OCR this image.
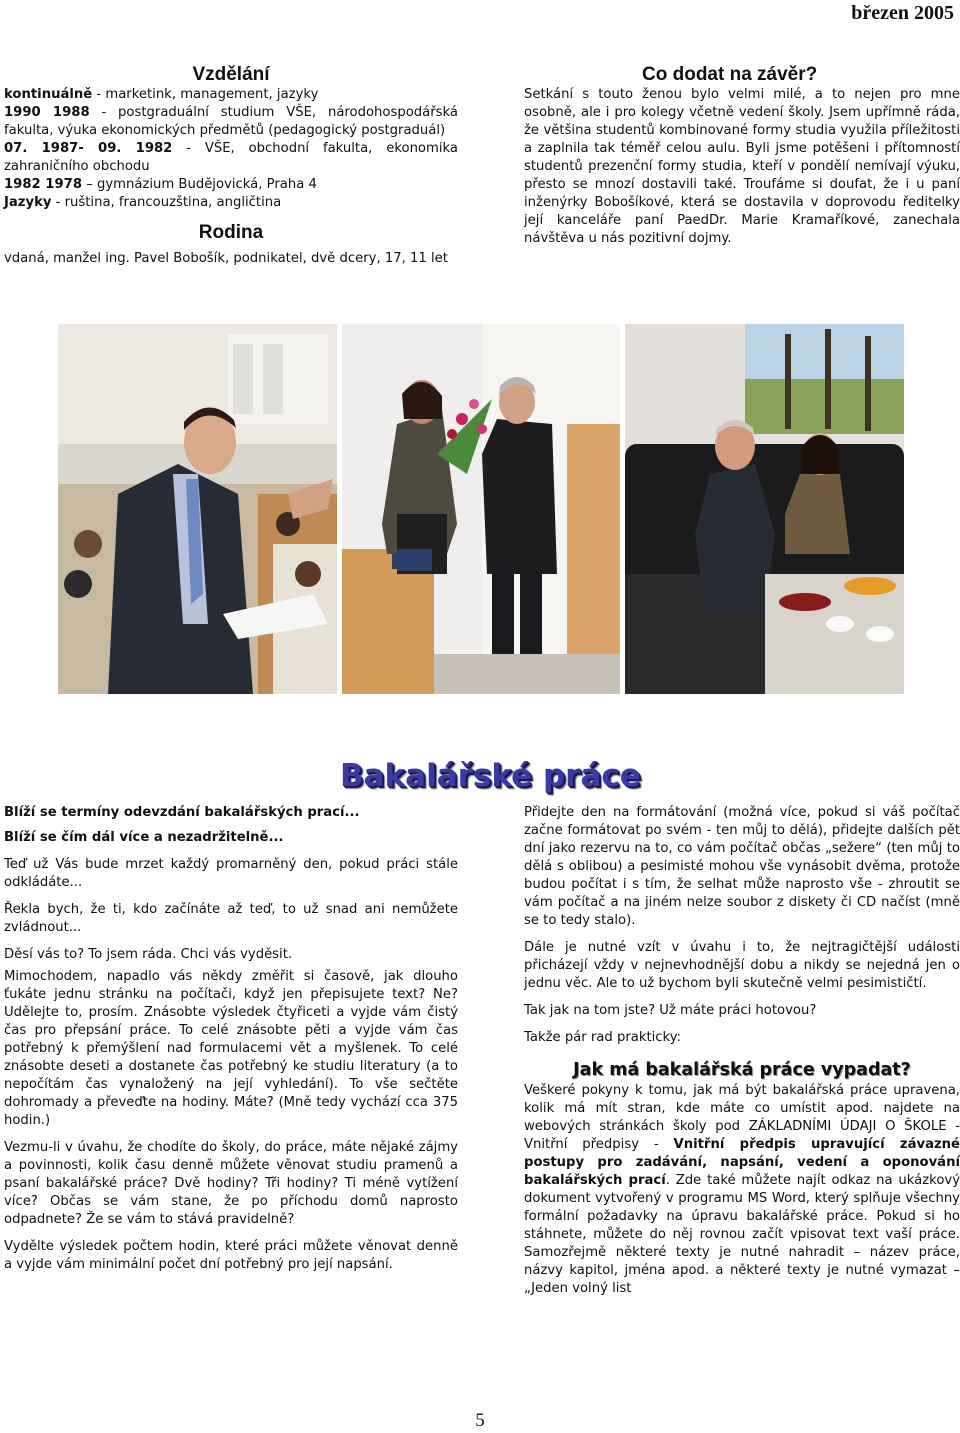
březen 2005
Vzdělání

kontinuálně - marketink, management, jazyky

1990 1988 - postgraduální studium VŠE, národohospodářská fakulta, výuka ekonomických předmětů (pedagogický postgraduál)

07. 1987- 09. 1982 - VŠE, obchodní fakulta, ekonomika zahraničního obchodu

1982 1978 – gymnázium Budějovická, Praha 4

Jazyky - ruština, francouzština, angličtina

Rodina

vdaná, manžel ing. Pavel Bobošík, podnikatel, dvě dcery, 17, 11 let

Co dodat na závěr?

Setkání s touto ženou bylo velmi milé, a to nejen pro mne osobně, ale i pro kolegy včetně vedení školy. Jsem upřímně ráda, že většina studentů kombinované formy studia využila příležitosti a zaplnila tak téměř celou aulu. Byli jsme potěšeni i přítomností studentů prezenční formy studia, kteří v pondělí nemívají výuku, přesto se mnozí dostavili také. Troufáme si doufat, že i u paní inženýrky Bobošíkové, která se dostavila v doprovodu ředitelky její kanceláře paní PaedDr. Marie Kramaříkové, zanechala návštěva u nás pozitivní dojmy.

Bakalářské práce

Blíží se termíny odevzdání bakalářských prací...

Blíží se čím dál více a nezadržitelně...

Teď už Vás bude mrzet každý promarněný den, pokud práci stále odkládáte...

Řekla bych, že ti, kdo začínáte až teď, to už snad ani nemůžete zvládnout...

Děsí vás to? To jsem ráda. Chci vás vyděsit.

Mimochodem, napadlo vás někdy změřit si časově, jak dlouho ťukáte jednu stránku na počítači, když jen přepisujete text? Ne? Udělejte to, prosím. Znásobte výsledek čtyřiceti a vyjde vám čistý čas pro přepsání práce. To celé znásobte pěti a vyjde vám čas potřebný k přemýšlení nad formulacemi vět a myšlenek. To celé znásobte deseti a dostanete čas potřebný ke studiu literatury (a to nepočítám čas vynaložený na její vyhledání). To vše sečtěte dohromady a převeďte na hodiny. Máte? (Mně tedy vychází cca 375 hodin.)

Vezmu-li v úvahu, že chodíte do školy, do práce, máte nějaké zájmy a povinnosti, kolik času denně můžete věnovat studiu pramenů a psaní bakalářské práce? Dvě hodiny? Tři hodiny? Ti méně vytížení více? Občas se vám stane, že po příchodu domů naprosto odpadnete? Že se vám to stává pravidelně?

Vydělte výsledek počtem hodin, které práci můžete věnovat denně a vyjde vám minimální počet dní potřebný pro její napsání.

Přidejte den na formátování (možná více, pokud si váš počítač začne formátovat po svém - ten můj to dělá), přidejte dalších pět dní jako rezervu na to, co vám počítač občas „sežere“ (ten můj to dělá s oblibou) a pesimisté mohou vše vynásobit dvěma, protože budou počítat i s tím, že selhat může naprosto vše - zhroutit se vám počítač a na jiném nelze soubor z diskety či CD načíst (mně se to tedy stalo).

Dále je nutné vzít v úvahu i to, že nejtragičtější události přicházejí vždy v nejnevhodnější dobu a nikdy se nejedná jen o jednu věc. Ale to už bychom byli skutečně velmi pesimističtí.

Tak jak na tom jste? Už máte práci hotovou?

Takže pár rad prakticky:

Jak má bakalářská práce vypadat?

Veškeré pokyny k tomu, jak má být bakalářská práce upravena, kolik má mít stran, kde máte co umístit apod. najdete na webových stránkách školy pod ZÁKLADNÍMI ÚDAJI O ŠKOLE - Vnitřní předpisy - Vnitřní předpis upravující závazné postupy pro zadávání, napsání, vedení a oponování bakalářských prací. Zde také můžete najít odkaz na ukázkový dokument vytvořený v programu MS Word, který splňuje všechny formální požadavky na úpravu bakalářské práce. Pokud si ho stáhnete, můžete do něj rovnou začít vpisovat text vaší práce. Samozřejmě některé texty je nutné nahradit – název práce, názvy kapitol, jména apod. a některé texty je nutné vymazat – „Jeden volný list

5
